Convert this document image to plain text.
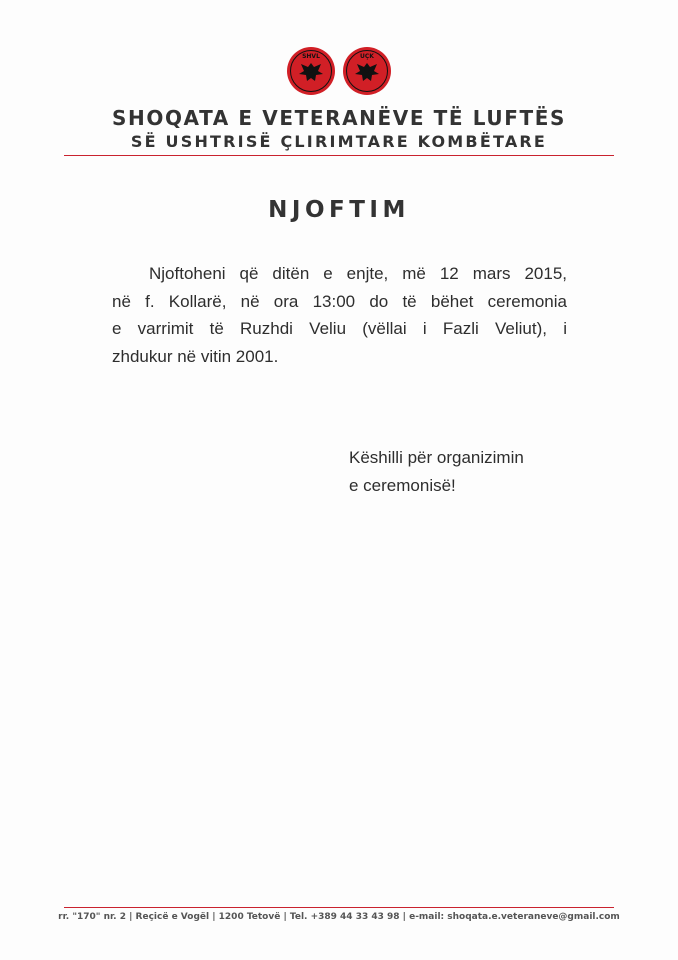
SHVL	UÇK
SHOQATA E VETERANËVE TË LUFTËS
SË USHTRISË ÇLIRIMTARE KOMBËTARE
NJOFTIM
Njoftoheni që ditën e enjte, më 12 mars 2015,
në f. Kollarë, në ora 13:00 do të bëhet ceremonia
e varrimit të Ruzhdi Veliu (vëllai i Fazli Veliut), i
zhdukur në vitin 2001.
Këshilli për organizimin
e ceremonisë!
rr. "170" nr. 2 | Reçicë e Vogël | 1200 Tetovë | Tel. +389 44 33 43 98 | e-mail: shoqata.e.veteraneve@gmail.com
